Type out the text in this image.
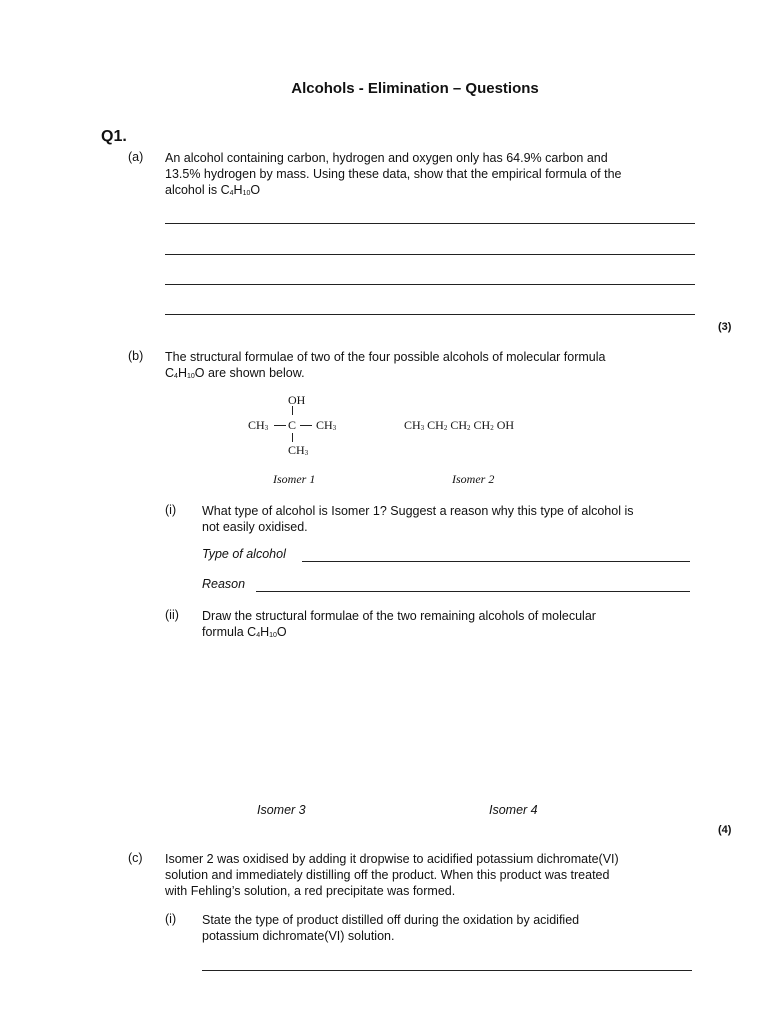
Alcohols - Elimination – Questions
Q1.
(a) An alcohol containing carbon, hydrogen and oxygen only has 64.9% carbon and
13.5% hydrogen by mass. Using these data, show that the empirical formula of the
alcohol is $C_4H_{10}O$
(3)
(b) The structural formulae of two of the four possible alcohols of molecular formula
$C_4H_{10}O$ are shown below.
OH
$CH_3$ C $CH_3$
$CH_3$
$CH_3$ $CH_2$ $CH_2$ $CH_2$ OH
Isomer 1	Isomer 2
(i) What type of alcohol is Isomer 1? Suggest a reason why this type of alcohol is
not easily oxidised.
Type of alcohol
Reason
(ii) Draw the structural formulae of the two remaining alcohols of molecular
formula $C_4H_{10}O$
Isomer 3	Isomer 4
(4)
(c) Isomer 2 was oxidised by adding it dropwise to acidified potassium dichromate(VI)
solution and immediately distilling off the product. When this product was treated
with Fehling’s solution, a red precipitate was formed.
(i) State the type of product distilled off during the oxidation by acidified
potassium dichromate(VI) solution.
